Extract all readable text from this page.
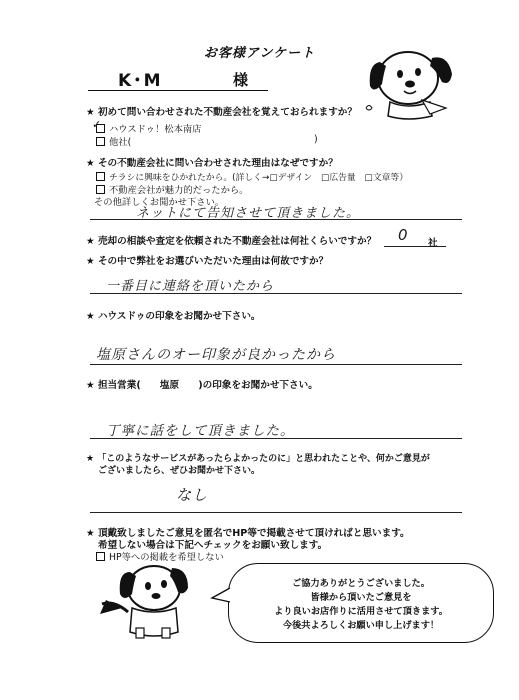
お客様アンケート
K･M	様
★ 初めて問い合わせされた不動産会社を覚えておられますか？
ハウスドゥ！松本南店
✓
他社(	)
★ その不動産会社に問い合わせされた理由はなぜですか？
チラシに興味をひかれたから。(詳しく→□デザイン　□広告量　□文章等）
不動産会社が魅力的だったから。
その他詳しくお聞かせ下さい。
ネットにて告知させて頂きました。
★ 売却の相談や査定を依頼された不動産会社は何社くらいですか？ 0 社
★ その中で弊社をお選びいただいた理由は何故ですか？
一番目に連絡を頂いたから
★ ハウスドゥの印象をお聞かせ下さい。
塩原さんのオー印象が良かったから
★ 担当営業(　　塩原　　)の印象をお聞かせ下さい。
丁寧に話をして頂きました。
★ 「このようなサービスがあったらよかったのに」と思われたことや、何かご意見が
ございましたら、ぜひお聞かせ下さい。
なし
★ 頂戴致しましたご意見を匿名でHP等で掲載させて頂ければと思います。
希望しない場合は下記へチェックをお願い致します。
HP等への掲載を希望しない
ご協力ありがとうございました。
皆様から頂いたご意見を
より良いお店作りに活用させて頂きます。
今後共よろしくお願い申し上げます！
